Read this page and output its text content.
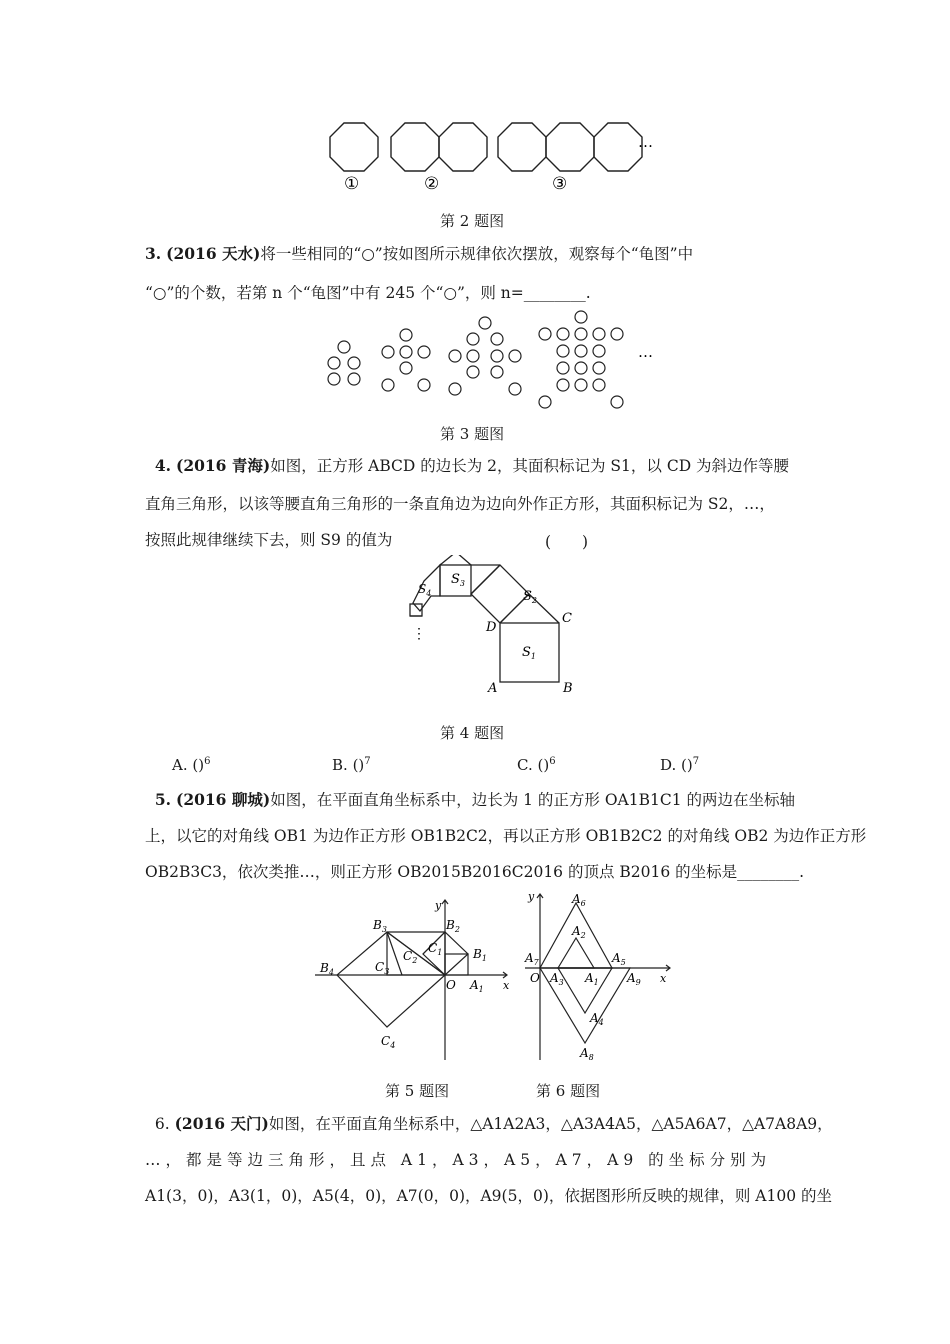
…
①	②	③
第 2 题图
3. (2016 天水)将一些相同的“○”按如图所示规律依次摆放，观察每个“龟图”中
“○”的个数，若第 n 个“龟图”中有 245 个“○”，则 n=________.
…
第 3 题图
4. (2016 青海)如图，正方形 ABCD 的边长为 2，其面积标记为 S1，以 CD 为斜边作等腰
直角三角形，以该等腰直角三角形的一条直角边为边向外作正方形，其面积标记为 S2，…，
按照此规律继续下去，则 S9 的值为	(　　)
$S_1$
$S_2$
$S_3$
$S_4$
D
C
A	B
⋮
第 4 题图
A. ()$^6$	B. ()$^7$	C. ()$^6$	D. ()$^7$
5. (2016 聊城)如图，在平面直角坐标系中，边长为 1 的正方形 OA1B1C1 的两边在坐标轴
上，以它的对角线 OB1 为边作正方形 OB1B2C2，再以正方形 OB1B2C2 的对角线 OB2 为边作正方形
OB2B3C3，依次类推…，则正方形 OB2015B2016C2016 的顶点 B2016 的坐标是________.
$B_3$	$B_2$
$B_1$
$B_4$	$C_3$
$C_2$
$C_1$
$C_4$
O $A_1$ x
y	$A_6$
$A_2$
$A_7$	$A_5$
O $A_3$ $A_1$ $A_9$
$A_4$
$A_8$
x
y
第 5 题图	第 6 题图
6. (2016 天门)如图，在平面直角坐标系中，△A1A2A3，△A3A4A5，△A5A6A7，△A7A8A9，
…，都是等边三角形，且点 A1，A3，A5，A7，A9 的坐标分别为
A1(3，0)，A3(1，0)，A5(4，0)，A7(0，0)，A9(5，0)，依据图形所反映的规律，则 A100 的坐
